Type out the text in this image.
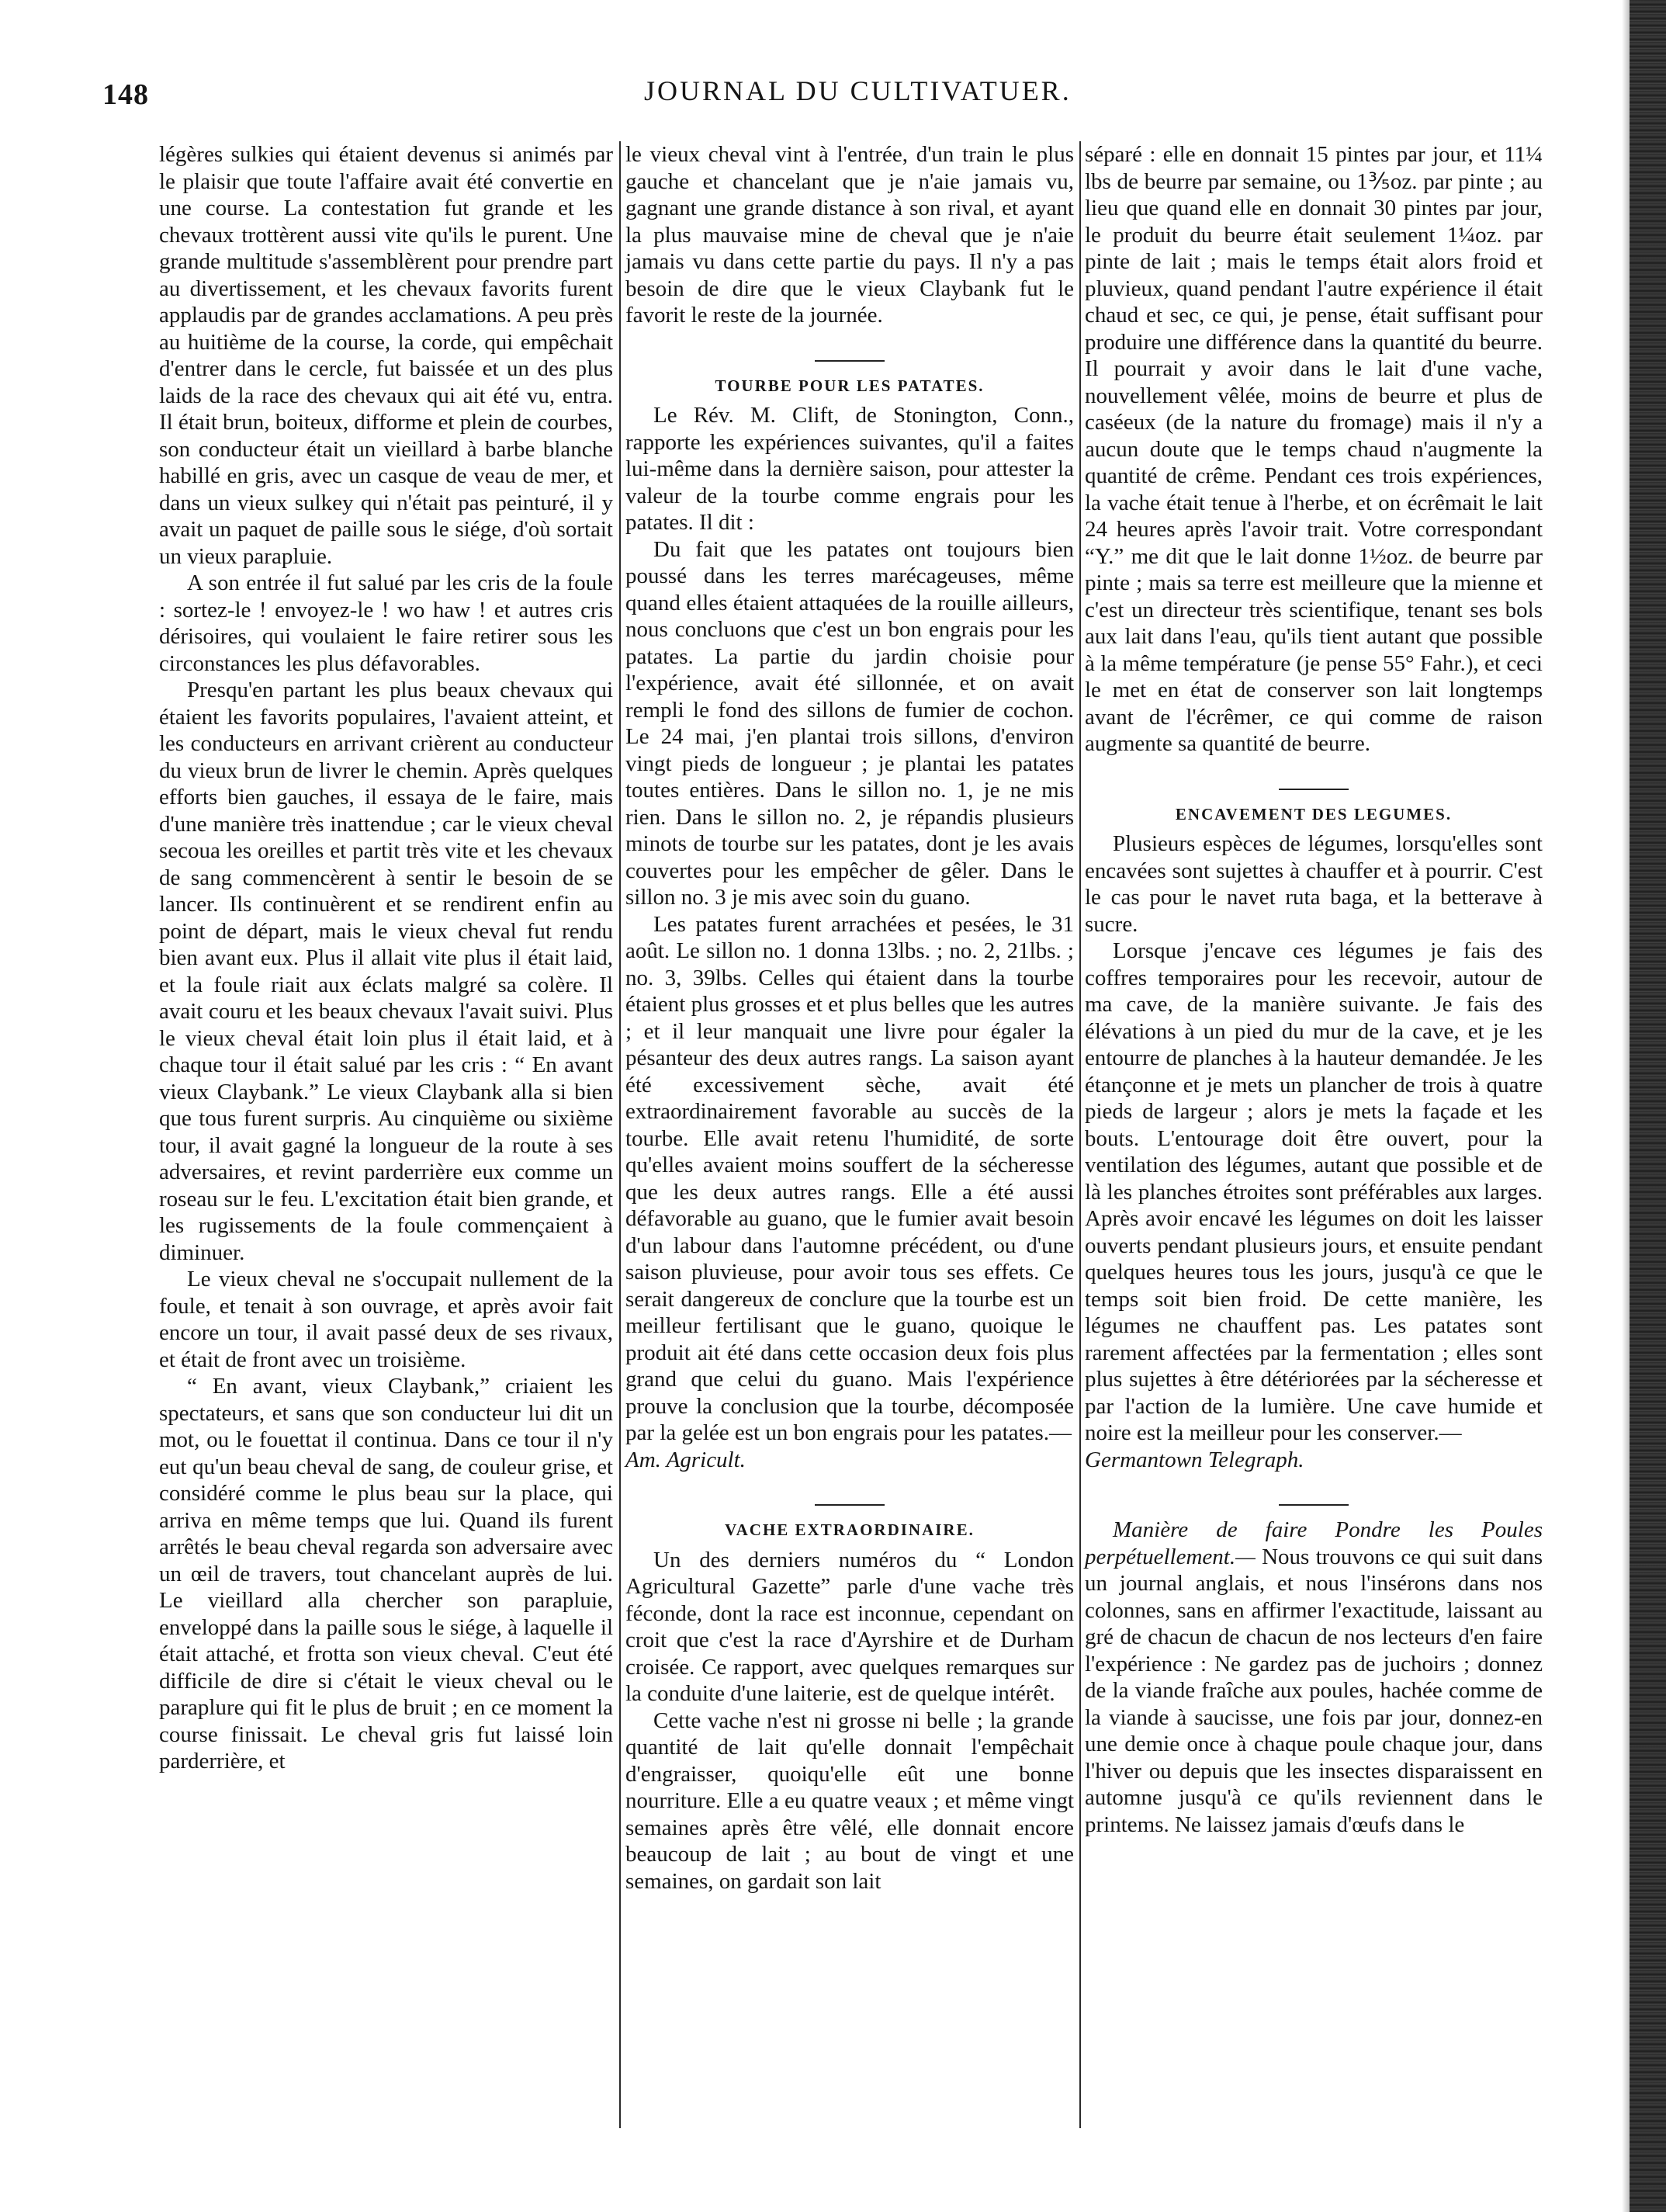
148	JOURNAL DU CULTIVATUER.

légères sulkies qui étaient devenus si animés par le plaisir que toute l'affaire avait été convertie en une course. La contestation fut grande et les chevaux trottèrent aussi vite qu'ils le purent. Une grande multitude s'assemblèrent pour prendre part au divertissement, et les chevaux favorits furent applaudis par de grandes acclamations. A peu près au huitième de la course, la corde, qui empêchait d'entrer dans le cercle, fut baissée et un des plus laids de la race des chevaux qui ait été vu, entra. Il était brun, boiteux, difforme et plein de courbes, son conducteur était un vieillard à barbe blanche habillé en gris, avec un casque de veau de mer, et dans un vieux sulkey qui n'était pas peinturé, il y avait un paquet de paille sous le siége, d'où sortait un vieux parapluie.

A son entrée il fut salué par les cris de la foule : sortez-le ! envoyez-le ! wo haw ! et autres cris dérisoires, qui voulaient le faire retirer sous les circonstances les plus défavorables.

Presqu'en partant les plus beaux chevaux qui étaient les favorits populaires, l'avaient atteint, et les conducteurs en arrivant crièrent au conducteur du vieux brun de livrer le chemin. Après quelques efforts bien gauches, il essaya de le faire, mais d'une manière très inattendue ; car le vieux cheval secoua les oreilles et partit très vite et les chevaux de sang commencèrent à sentir le besoin de se lancer. Ils continuèrent et se rendirent enfin au point de départ, mais le vieux cheval fut rendu bien avant eux. Plus il allait vite plus il était laid, et la foule riait aux éclats malgré sa colère. Il avait couru et les beaux chevaux l'avait suivi. Plus le vieux cheval était loin plus il était laid, et à chaque tour il était salué par les cris : “ En avant vieux Claybank.” Le vieux Claybank alla si bien que tous furent surpris. Au cinquième ou sixième tour, il avait gagné la longueur de la route à ses adversaires, et revint parderrière eux comme un roseau sur le feu. L'excitation était bien grande, et les rugissements de la foule commençaient à diminuer.

Le vieux cheval ne s'occupait nullement de la foule, et tenait à son ouvrage, et après avoir fait encore un tour, il avait passé deux de ses rivaux, et était de front avec un troisième.

“ En avant, vieux Claybank,” criaient les spectateurs, et sans que son conducteur lui dit un mot, ou le fouettat il continua. Dans ce tour il n'y eut qu'un beau cheval de sang, de couleur grise, et considéré comme le plus beau sur la place, qui arriva en même temps que lui. Quand ils furent arrêtés le beau cheval regarda son adversaire avec un œil de travers, tout chancelant auprès de lui. Le vieillard alla chercher son parapluie, enveloppé dans la paille sous le siége, à laquelle il était attaché, et frotta son vieux cheval. C'eut été difficile de dire si c'était le vieux cheval ou le paraplure qui fit le plus de bruit ; en ce moment la course finissait. Le cheval gris fut laissé loin parderrière, et

le vieux cheval vint à l'entrée, d'un train le plus gauche et chancelant que je n'aie jamais vu, gagnant une grande distance à son rival, et ayant la plus mauvaise mine de cheval que je n'aie jamais vu dans cette partie du pays. Il n'y a pas besoin de dire que le vieux Claybank fut le favorit le reste de la journée.

TOURBE POUR LES PATATES.

Le Rév. M. Clift, de Stonington, Conn., rapporte les expériences suivantes, qu'il a faites lui-même dans la dernière saison, pour attester la valeur de la tourbe comme engrais pour les patates. Il dit :

Du fait que les patates ont toujours bien poussé dans les terres marécageuses, même quand elles étaient attaquées de la rouille ailleurs, nous concluons que c'est un bon engrais pour les patates. La partie du jardin choisie pour l'expérience, avait été sillonnée, et on avait rempli le fond des sillons de fumier de cochon. Le 24 mai, j'en plantai trois sillons, d'environ vingt pieds de longueur ; je plantai les patates toutes entières. Dans le sillon no. 1, je ne mis rien. Dans le sillon no. 2, je répandis plusieurs minots de tourbe sur les patates, dont je les avais couvertes pour les empêcher de gêler. Dans le sillon no. 3 je mis avec soin du guano.

Les patates furent arrachées et pesées, le 31 août. Le sillon no. 1 donna 13lbs. ; no. 2, 21lbs. ; no. 3, 39lbs. Celles qui étaient dans la tourbe étaient plus grosses et et plus belles que les autres ; et il leur manquait une livre pour égaler la pésanteur des deux autres rangs. La saison ayant été excessivement sèche, avait été extraordinairement favorable au succès de la tourbe. Elle avait retenu l'humidité, de sorte qu'elles avaient moins souffert de la sécheresse que les deux autres rangs. Elle a été aussi défavorable au guano, que le fumier avait besoin d'un labour dans l'automne précédent, ou d'une saison pluvieuse, pour avoir tous ses effets. Ce serait dangereux de conclure que la tourbe est un meilleur fertilisant que le guano, quoique le produit ait été dans cette occasion deux fois plus grand que celui du guano. Mais l'expérience prouve la conclusion que la tourbe, décomposée par la gelée est un bon engrais pour les patates.—

Am. Agricult.

VACHE EXTRAORDINAIRE.

Un des derniers numéros du “ London Agricultural Gazette” parle d'une vache très féconde, dont la race est inconnue, cependant on croit que c'est la race d'Ayrshire et de Durham croisée. Ce rapport, avec quelques remarques sur la conduite d'une laiterie, est de quelque intérêt.

Cette vache n'est ni grosse ni belle ; la grande quantité de lait qu'elle donnait l'empêchait d'engraisser, quoiqu'elle eût une bonne nourriture. Elle a eu quatre veaux ; et même vingt semaines après être vêlé, elle donnait encore beaucoup de lait ; au bout de vingt et une semaines, on gardait son lait

séparé : elle en donnait 15 pintes par jour, et 11¼ lbs de beurre par semaine, ou 1⅗oz. par pinte ; au lieu que quand elle en donnait 30 pintes par jour, le produit du beurre était seulement 1¼oz. par pinte de lait ; mais le temps était alors froid et pluvieux, quand pendant l'autre expérience il était chaud et sec, ce qui, je pense, était suffisant pour produire une différence dans la quantité du beurre. Il pourrait y avoir dans le lait d'une vache, nouvellement vêlée, moins de beurre et plus de caséeux (de la nature du fromage) mais il n'y a aucun doute que le temps chaud n'augmente la quantité de crême. Pendant ces trois expériences, la vache était tenue à l'herbe, et on écrêmait le lait 24 heures après l'avoir trait. Votre correspondant “Y.” me dit que le lait donne 1½oz. de beurre par pinte ; mais sa terre est meilleure que la mienne et c'est un directeur très scientifique, tenant ses bols aux lait dans l'eau, qu'ils tient autant que possible à la même température (je pense 55° Fahr.), et ceci le met en état de conserver son lait longtemps avant de l'écrêmer, ce qui comme de raison augmente sa quantité de beurre.

ENCAVEMENT DES LEGUMES.

Plusieurs espèces de légumes, lorsqu'elles sont encavées sont sujettes à chauffer et à pourrir. C'est le cas pour le navet ruta baga, et la betterave à sucre.

Lorsque j'encave ces légumes je fais des coffres temporaires pour les recevoir, autour de ma cave, de la manière suivante. Je fais des élévations à un pied du mur de la cave, et je les entourre de planches à la hauteur demandée. Je les étançonne et je mets un plancher de trois à quatre pieds de largeur ; alors je mets la façade et les bouts. L'entourage doit être ouvert, pour la ventilation des légumes, autant que possible et de là les planches étroites sont préférables aux larges. Après avoir encavé les légumes on doit les laisser ouverts pendant plusieurs jours, et ensuite pendant quelques heures tous les jours, jusqu'à ce que le temps soit bien froid. De cette manière, les légumes ne chauffent pas. Les patates sont rarement affectées par la fermentation ; elles sont plus sujettes à être détériorées par la sécheresse et par l'action de la lumière. Une cave humide et noire est la meilleur pour les conserver.—

Germantown Telegraph.

Manière de faire Pondre les Poules perpétuellement.— Nous trouvons ce qui suit dans un journal anglais, et nous l'insérons dans nos colonnes, sans en affirmer l'exactitude, laissant au gré de chacun de chacun de nos lecteurs d'en faire l'expérience : Ne gardez pas de juchoirs ; donnez de la viande fraîche aux poules, hachée comme de la viande à saucisse, une fois par jour, donnez-en une demie once à chaque poule chaque jour, dans l'hiver ou depuis que les insectes disparaissent en automne jusqu'à ce qu'ils reviennent dans le printems. Ne laissez jamais d'œufs dans le
